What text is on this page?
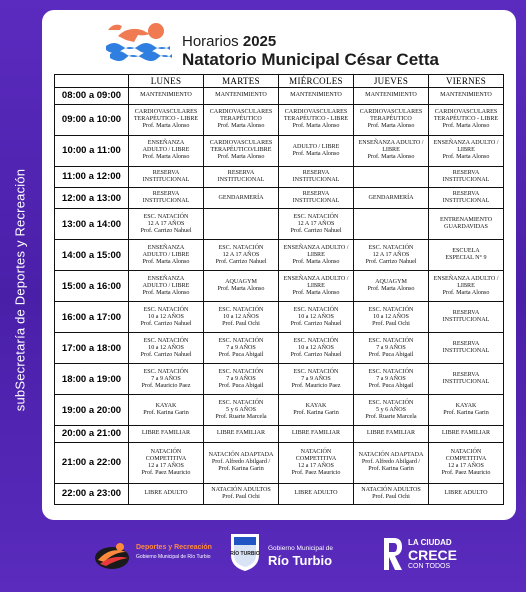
subSecretaría de Deportes y Recreación
Horarios 2025
Natatorio Municipal César Cetta
	LUNES	MARTES	MIÉRCOLES	JUEVES	VIERNES
08:00 a 09:00	MANTENIMIENTO	MANTENIMIENTO	MANTENIMIENTO	MANTENIMIENTO	MANTENIMIENTO

09:00 a 10:00	CARDIOVASCULARES
TERAPÉUTICO - LIBRE
Prof. Marta Alonso	CARDIOVASCULARES
TERAPÉUTICO
Prof. Marta Alonso	CARDIOVASCULARES
TERAPÉUTICO - LIBRE
Prof. Marta Alonso	CARDIOVASCULARES
TERAPÉUTICO
Prof. Marta Alonso	CARDIOVASCULARES
TERAPÉUTICO - LIBRE
Prof. Marta Alonso

10:00 a 11:00	ENSEÑANZA
ADULTO / LIBRE
Prof. Marta Alonso	CARDIOVASCULARES
TERAPÉUTICO/LIBRE
Prof. Marta Alonso	ADULTO / LIBRE
Prof. Marta Alonso	ENSEÑANZA ADULTO /
LIBRE
Prof. Marta Alonso	ENSEÑANZA ADULTO /
LIBRE
Prof. Marta Alonso

11:00 a 12:00	RESERVA
INSTITUCIONAL	RESERVA
INSTITUCIONAL	RESERVA
INSTITUCIONAL		RESERVA
INSTITUCIONAL

12:00 a 13:00	RESERVA
INSTITUCIONAL	GENDARMERÍA	RESERVA
INSTITUCIONAL	GENDARMERÍA	RESERVA
INSTITUCIONAL

13:00 a 14:00	ESC. NATACIÓN
12 A 17 AÑOS
Prof. Carrizo Nahuel		ESC. NATACIÓN
12 A 17 AÑOS
Prof. Carrizo Nahuel		ENTRENAMIENTO
GUARDAVIDAS

14:00 a 15:00	ENSEÑANZA
ADULTO / LIBRE
Prof. Marta Alonso	ESC. NATACIÓN
12 A 17 AÑOS
Prof. Carrizo Nahuel	ENSEÑANZA ADULTO /
LIBRE
Prof. Marta Alonso	ESC. NATACIÓN
12 A 17 AÑOS
Prof. Carrizo Nahuel	ESCUELA
ESPECIAL N° 9

15:00 a 16:00	ENSEÑANZA
ADULTO / LIBRE
Prof. Marta Alonso	AQUAGYM
Prof. Marta Alonso	ENSEÑANZA ADULTO /
LIBRE
Prof. Marta Alonso	AQUAGYM
Prof. Marta Alonso	ENSEÑANZA ADULTO /
LIBRE
Prof. Marta Alonso

16:00 a 17:00	ESC. NATACIÓN
10 a 12 AÑOS
Prof. Carrizo Nahuel	ESC. NATACIÓN
10 a 12 AÑOS
Prof. Paul Ochi	ESC. NATACIÓN
10 a 12 AÑOS
Prof. Carrizo Nahuel	ESC. NATACIÓN
10 a 12 AÑOS
Prof. Paul Ochi	RESERVA
INSTITUCIONAL

17:00 a 18:00	ESC. NATACIÓN
10 a 12 AÑOS
Prof. Carrizo Nahuel	ESC. NATACIÓN
7 a 9 AÑOS
Prof. Puca Abigail	ESC. NATACIÓN
10 a 12 AÑOS
Prof. Carrizo Nahuel	ESC. NATACIÓN
7 a 9 AÑOS
Prof. Puca Abigail	RESERVA
INSTITUCIONAL

18:00 a 19:00	ESC. NATACIÓN
7 a 9 AÑOS
Prof. Mauricio Paez	ESC. NATACIÓN
7 a 9 AÑOS
Prof. Puca Abigail	ESC. NATACIÓN
7 a 9 AÑOS
Prof. Mauricio Paez	ESC. NATACIÓN
7 a 9 AÑOS
Prof. Puca Abigail	RESERVA
INSTITUCIONAL

19:00 a 20:00	KAYAK
Prof. Karina Garin	ESC. NATACIÓN
5 y 6 AÑOS
Prof. Ruarte Marcela	KAYAK
Prof. Karina Garin	ESC. NATACIÓN
5 y 6 AÑOS
Prof. Ruarte Marcela	KAYAK
Prof. Karina Garin

20:00 a 21:00	LIBRE FAMILIAR	LIBRE FAMILIAR	LIBRE FAMILIAR	LIBRE FAMILIAR	LIBRE FAMILIAR

21:00 a 22:00	NATACIÓN COMPETITIVA
12 a 17 AÑOS
Prof. Paez Mauricio	NATACIÓN ADAPTADA
Prof. Alfredo Abilgard /
Prof. Karina Garin	NATACIÓN COMPETITIVA
12 a 17 AÑOS
Prof. Paez Mauricio	NATACIÓN ADAPTADA
Prof. Alfredo Abilgard /
Prof. Karina Garin	NATACIÓN COMPETITIVA
12 a 17 AÑOS
Prof. Paez Mauricio

22:00 a 23:00	LIBRE ADULTO	NATACIÓN ADULTOS
Prof. Paul Ochi	LIBRE ADULTO	NATACIÓN ADULTOS
Prof. Paul Ochi	LIBRE ADULTO
Deportes y Recreación
Gobierno Municipal de Río Turbio	RÍO TURBIO
Gobierno Municipal de
Río Turbio
LA CIUDAD
CRECE
CON TODOS
